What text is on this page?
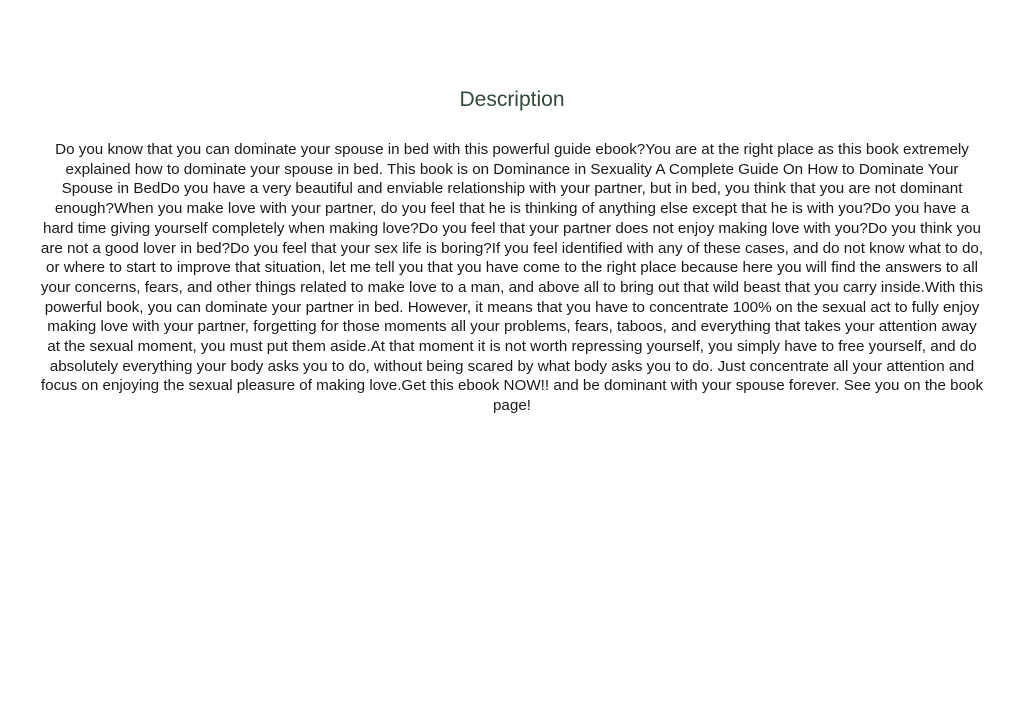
Description

Do you know that you can dominate your spouse in bed with this powerful guide ebook?You are at the right place as this book extremely explained how to dominate your spouse in bed. This book is on Dominance in Sexuality A Complete Guide On How to Dominate Your Spouse in BedDo you have a very beautiful and enviable relationship with your partner, but in bed, you think that you are not dominant enough?When you make love with your partner, do you feel that he is thinking of anything else except that he is with you?Do you have a hard time giving yourself completely when making love?Do you feel that your partner does not enjoy making love with you?Do you think you are not a good lover in bed?Do you feel that your sex life is boring?If you feel identified with any of these cases, and do not know what to do, or where to start to improve that situation, let me tell you that you have come to the right place because here you will find the answers to all your concerns, fears, and other things related to make love to a man, and above all to bring out that wild beast that you carry inside.With this powerful book, you can dominate your partner in bed. However, it means that you have to concentrate 100% on the sexual act to fully enjoy making love with your partner, forgetting for those moments all your problems, fears, taboos, and everything that takes your attention away at the sexual moment, you must put them aside.At that moment it is not worth repressing yourself, you simply have to free yourself, and do absolutely everything your body asks you to do, without being scared by what body asks you to do. Just concentrate all your attention and focus on enjoying the sexual pleasure of making love.Get this ebook NOW!! and be dominant with your spouse forever. See you on the book page!
